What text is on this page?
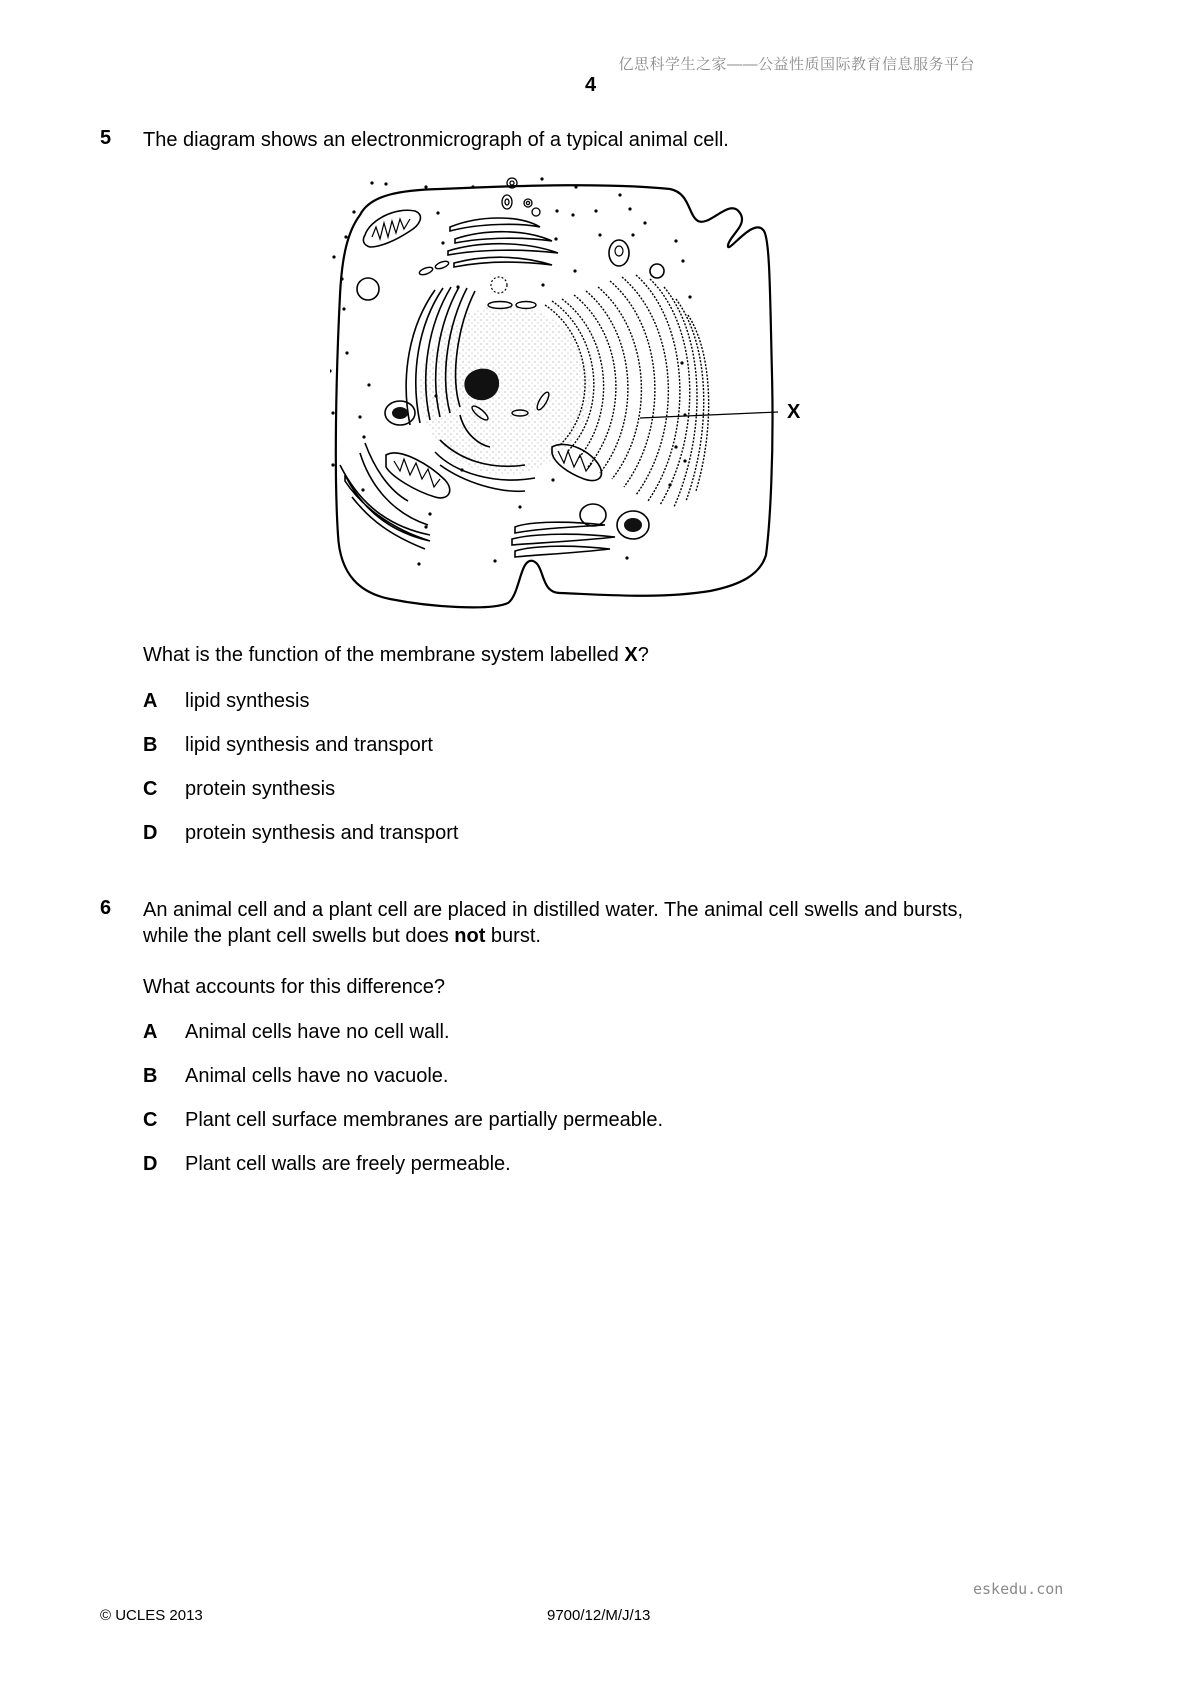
亿思科学生之家——公益性质国际教育信息服务平台
4
5 The diagram shows an electronmicrograph of a typical animal cell.
X
What is the function of the membrane system labelled X?
A lipid synthesis
B lipid synthesis and transport
C protein synthesis
D protein synthesis and transport
6 An animal cell and a plant cell are placed in distilled water. The animal cell swells and bursts,
while the plant cell swells but does not burst.
What accounts for this difference?
A Animal cells have no cell wall.
B Animal cells have no vacuole.
C Plant cell surface membranes are partially permeable.
D Plant cell walls are freely permeable.
eskedu.con
© UCLES 2013	9700/12/M/J/13
